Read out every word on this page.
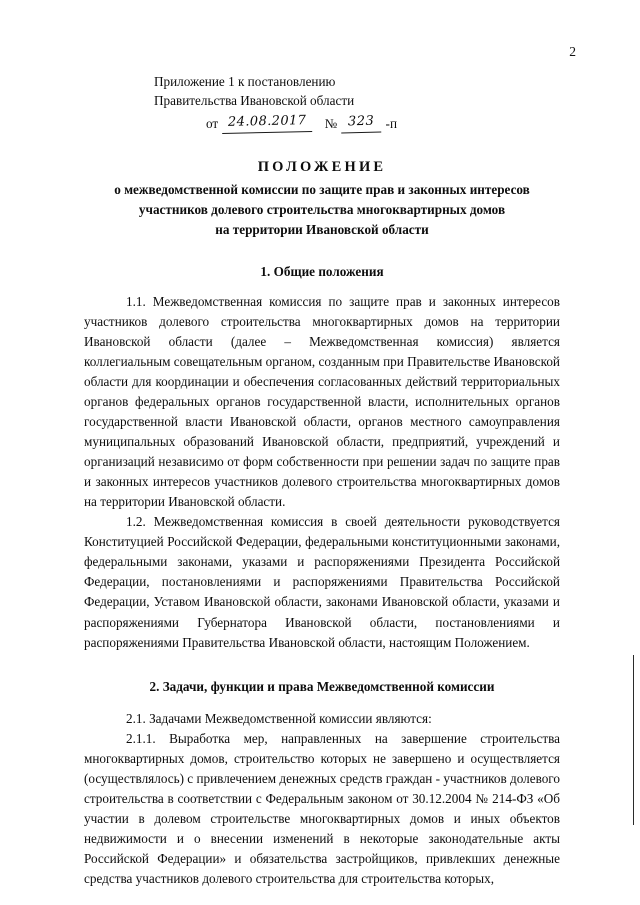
2
Приложение 1 к постановлению
Правительства Ивановской области
от 24.08.2017	№ 323 -п
ПОЛОЖЕНИЕ
о межведомственной комиссии по защите прав и законных интересов
участников долевого строительства многоквартирных домов
на территории Ивановской области
1. Общие положения

1.1. Межведомственная комиссия по защите прав и законных интересов участников долевого строительства многоквартирных домов на территории Ивановской области (далее – Межведомственная комиссия) является коллегиальным совещательным органом, созданным при Правительстве Ивановской области для координации и обеспечения согласованных действий территориальных органов федеральных органов государственной власти, исполнительных органов государственной власти Ивановской области, органов местного самоуправления муниципальных образований Ивановской области, предприятий, учреждений и организаций независимо от форм собственности при решении задач по защите прав и законных интересов участников долевого строительства многоквартирных домов на территории Ивановской области.

1.2. Межведомственная комиссия в своей деятельности руководствуется Конституцией Российской Федерации, федеральными конституционными законами, федеральными законами, указами и распоряжениями Президента Российской Федерации, постановлениями и распоряжениями Правительства Российской Федерации, Уставом Ивановской области, законами Ивановской области, указами и распоряжениями Губернатора Ивановской области, постановлениями и распоряжениями Правительства Ивановской области, настоящим Положением.

2. Задачи, функции и права Межведомственной комиссии

2.1. Задачами Межведомственной комиссии являются:

2.1.1. Выработка мер, направленных на завершение строительства многоквартирных домов, строительство которых не завершено и осуществляется (осуществлялось) с привлечением денежных средств граждан - участников долевого строительства в соответствии с Федеральным законом от 30.12.2004 № 214-ФЗ «Об участии в долевом строительстве многоквартирных домов и иных объектов недвижимости и о внесении изменений в некоторые законодательные акты Российской Федерации» и обязательства застройщиков, привлекших денежные средства участников долевого строительства для строительства которых,
